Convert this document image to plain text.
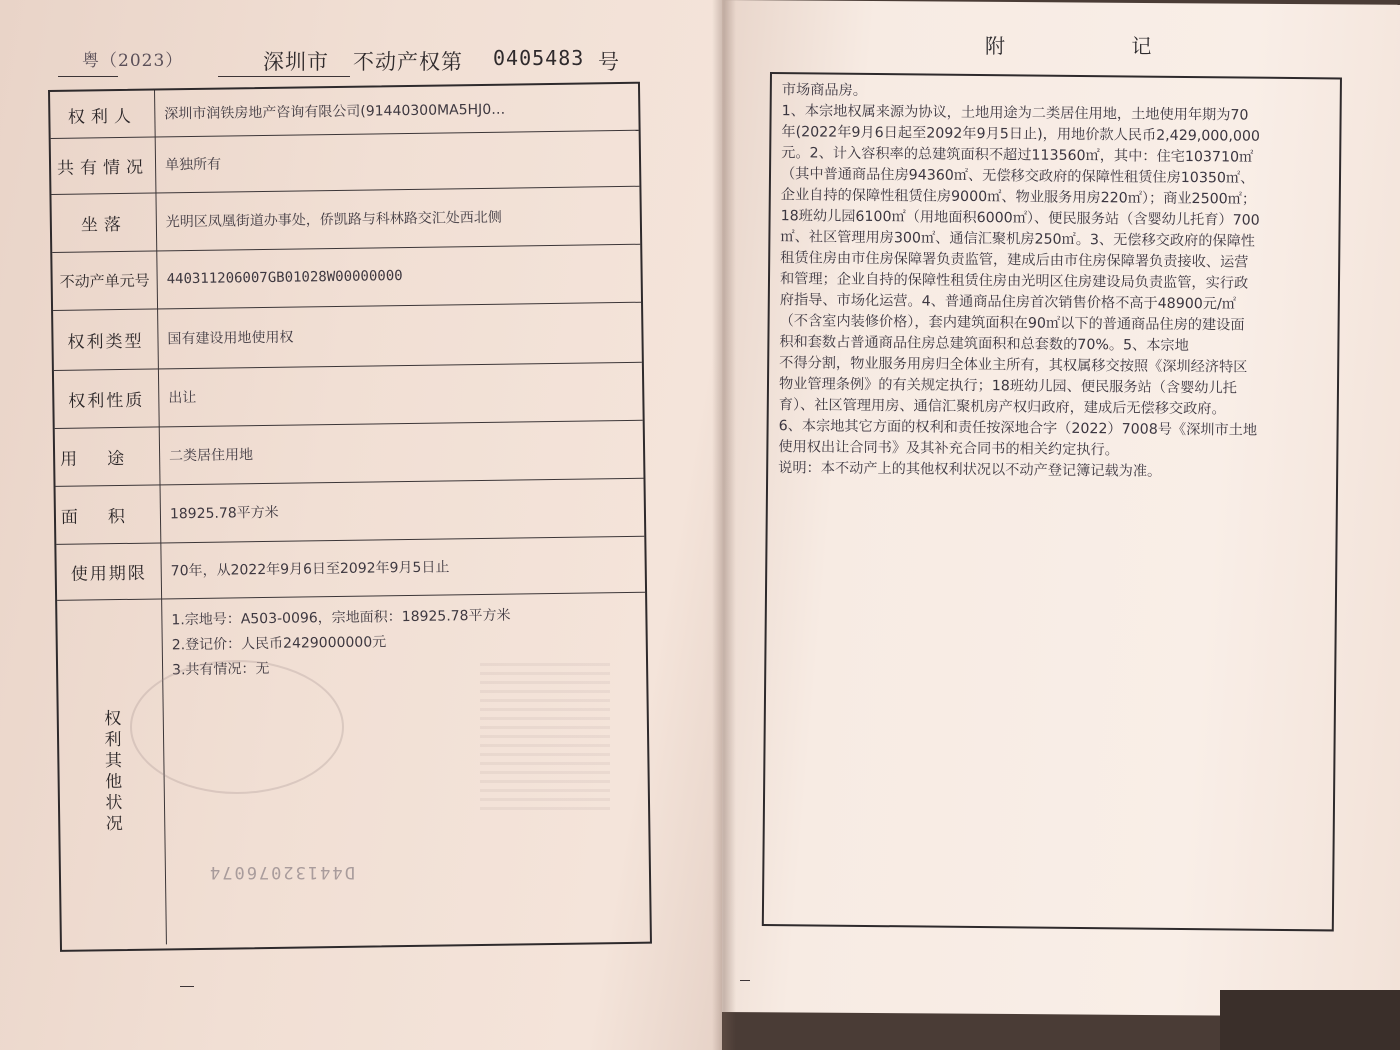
粤（2023）	深圳市 不动产权第 0405483 号
权利人	深圳市润铁房地产咨询有限公司(91440300MA5HJ0…
共有情况	单独所有
坐落	光明区凤凰街道办事处，侨凯路与科林路交汇处西北侧
不动产单元号	440311206007GB01028W00000000
权利类型	国有建设用地使用权
权利性质	出让
用途	二类居住用地
面积	18925.78平方米
使用期限	70年，从2022年9月6日至2092年9月5日止
权利其他状况
1.宗地号：A503-0096，宗地面积：18925.78平方米
2.登记价：人民币2429000000元
3.共有情况：无
D44132076074
附 记
市场商品房。
1、本宗地权属来源为协议，土地用途为二类居住用地，土地使用年期为70
年(2022年9月6日起至2092年9月5日止)，用地价款人民币2,429,000,000
元。2、计入容积率的总建筑面积不超过113560㎡，其中：住宅103710㎡
（其中普通商品住房94360㎡、无偿移交政府的保障性租赁住房10350㎡、
企业自持的保障性租赁住房9000㎡、物业服务用房220㎡）；商业2500㎡；
18班幼儿园6100㎡（用地面积6000㎡）、便民服务站（含婴幼儿托育）700
㎡、社区管理用房300㎡、通信汇聚机房250㎡。3、无偿移交政府的保障性
租赁住房由市住房保障署负责监管，建成后由市住房保障署负责接收、运营
和管理；企业自持的保障性租赁住房由光明区住房建设局负责监管，实行政
府指导、市场化运营。4、普通商品住房首次销售价格不高于48900元/㎡
（不含室内装修价格），套内建筑面积在90㎡以下的普通商品住房的建设面
积和套数占普通商品住房总建筑面积和总套数的70%。5、本宗地
不得分割，物业服务用房归全体业主所有，其权属移交按照《深圳经济特区
物业管理条例》的有关规定执行；18班幼儿园、便民服务站（含婴幼儿托
育）、社区管理用房、通信汇聚机房产权归政府，建成后无偿移交政府。
6、本宗地其它方面的权利和责任按深地合字（2022）7008号《深圳市土地
使用权出让合同书》及其补充合同书的相关约定执行。
说明：本不动产上的其他权利状况以不动产登记簿记载为准。
